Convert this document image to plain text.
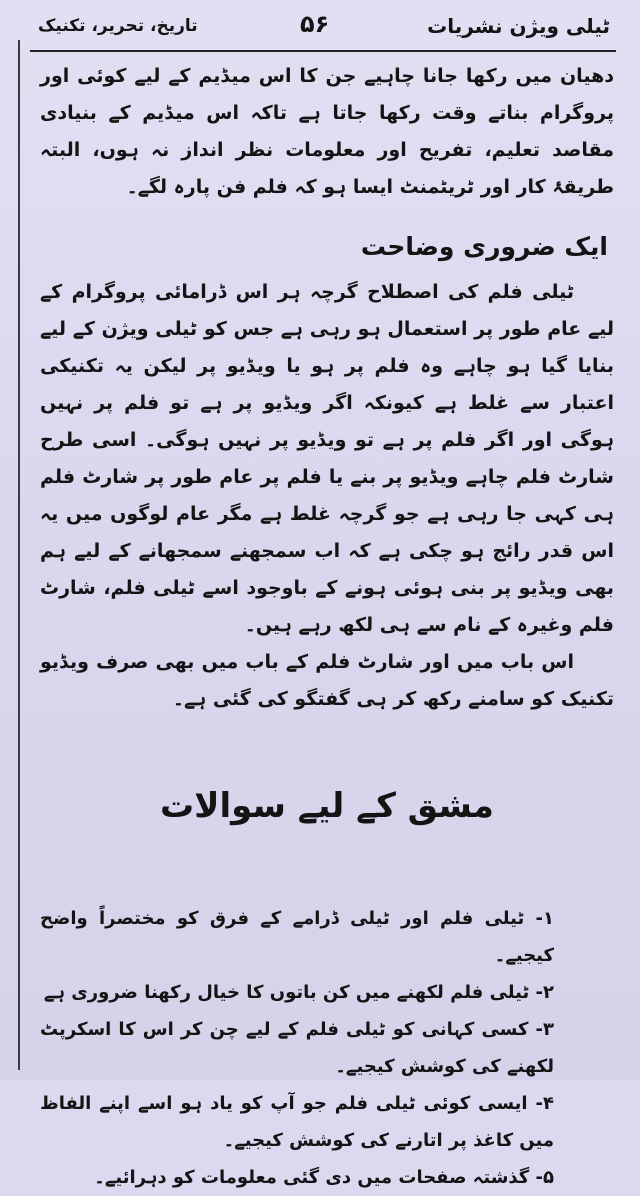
ٹیلی ویژن نشریات
۵۶
تاریخ، تحریر، تکنیک

دھیان میں رکھا جانا چاہیے جن کا اس میڈیم کے لیے کوئی اور پروگرام بناتے وقت رکھا جاتا ہے تاکہ اس میڈیم کے بنیادی مقاصد تعلیم، تفریح اور معلومات نظر انداز نہ ہوں، البتہ طریقۂ کار اور ٹریٹمنٹ ایسا ہو کہ فلم فن پارہ لگے۔

ایک ضروری وضاحت

ٹیلی فلم کی اصطلاح گرچہ ہر اس ڈرامائی پروگرام کے لیے عام طور پر استعمال ہو رہی ہے جس کو ٹیلی ویژن کے لیے بنایا گیا ہو چاہے وہ فلم پر ہو یا ویڈیو پر لیکن یہ تکنیکی اعتبار سے غلط ہے کیونکہ اگر ویڈیو پر ہے تو فلم پر نہیں ہوگی اور اگر فلم پر ہے تو ویڈیو پر نہیں ہوگی۔ اسی طرح شارٹ فلم چاہے ویڈیو پر بنے یا فلم پر عام طور پر شارٹ فلم ہی کہی جا رہی ہے جو گرچہ غلط ہے مگر عام لوگوں میں یہ اس قدر رائج ہو چکی ہے کہ اب سمجھنے سمجھانے کے لیے ہم بھی ویڈیو پر بنی ہوئی ہونے کے باوجود اسے ٹیلی فلم، شارٹ فلم وغیرہ کے نام سے ہی لکھ رہے ہیں۔

اس باب میں اور شارٹ فلم کے باب میں بھی صرف ویڈیو تکنیک کو سامنے رکھ کر ہی گفتگو کی گئی ہے۔

مشق کے لیے سوالات

۱- ٹیلی فلم اور ٹیلی ڈرامے کے فرق کو مختصراً واضح کیجیے۔

۲- ٹیلی فلم لکھنے میں کن باتوں کا خیال رکھنا ضروری ہے

۳- کسی کہانی کو ٹیلی فلم کے لیے چن کر اس کا اسکرپٹ لکھنے کی کوشش کیجیے۔

۴- ایسی کوئی ٹیلی فلم جو آپ کو یاد ہو اسے اپنے الفاظ میں کاغذ پر اتارنے کی کوشش کیجیے۔

۵- گذشتہ صفحات میں دی گئی معلومات کو دہرائیے۔
